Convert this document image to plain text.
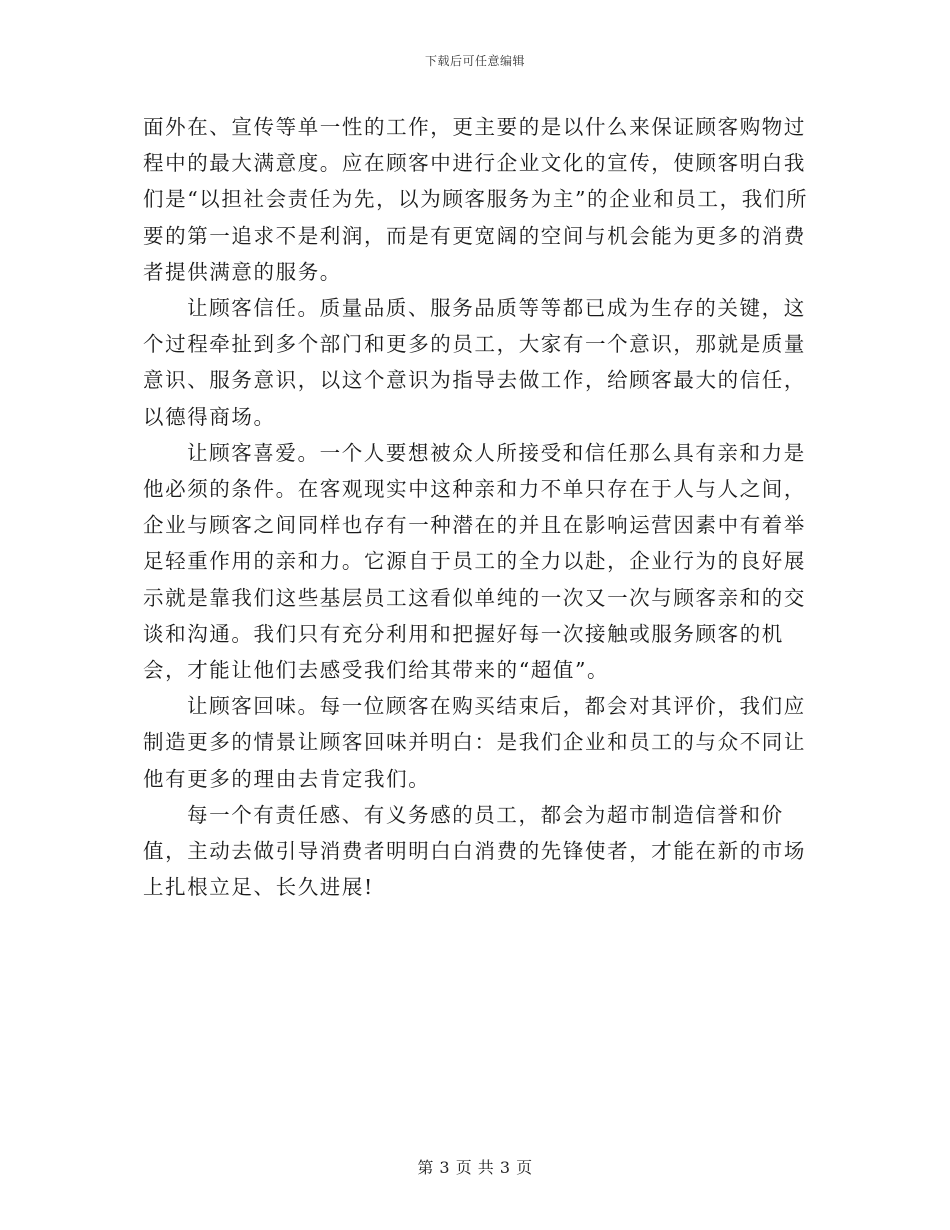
下载后可任意编辑

面外在、宣传等单一性的工作，更主要的是以什么来保证顾客购物过程中的最大满意度。应在顾客中进行企业文化的宣传，使顾客明白我们是“以担社会责任为先，以为顾客服务为主”的企业和员工，我们所要的第一追求不是利润，而是有更宽阔的空间与机会能为更多的消费者提供满意的服务。

让顾客信任。质量品质、服务品质等等都已成为生存的关键，这个过程牵扯到多个部门和更多的员工，大家有一个意识，那就是质量意识、服务意识，以这个意识为指导去做工作，给顾客最大的信任，以德得商场。

让顾客喜爱。一个人要想被众人所接受和信任那么具有亲和力是他必须的条件。在客观现实中这种亲和力不单只存在于人与人之间，企业与顾客之间同样也存有一种潜在的并且在影响运营因素中有着举足轻重作用的亲和力。它源自于员工的全力以赴，企业行为的良好展示就是靠我们这些基层员工这看似单纯的一次又一次与顾客亲和的交谈和沟通。我们只有充分利用和把握好每一次接触或服务顾客的机会，才能让他们去感受我们给其带来的“超值”。

让顾客回味。每一位顾客在购买结束后，都会对其评价，我们应制造更多的情景让顾客回味并明白：是我们企业和员工的与众不同让他有更多的理由去肯定我们。

每一个有责任感、有义务感的员工，都会为超市制造信誉和价值，主动去做引导消费者明明白白消费的先锋使者，才能在新的市场上扎根立足、长久进展!

第 3 页 共 3 页
